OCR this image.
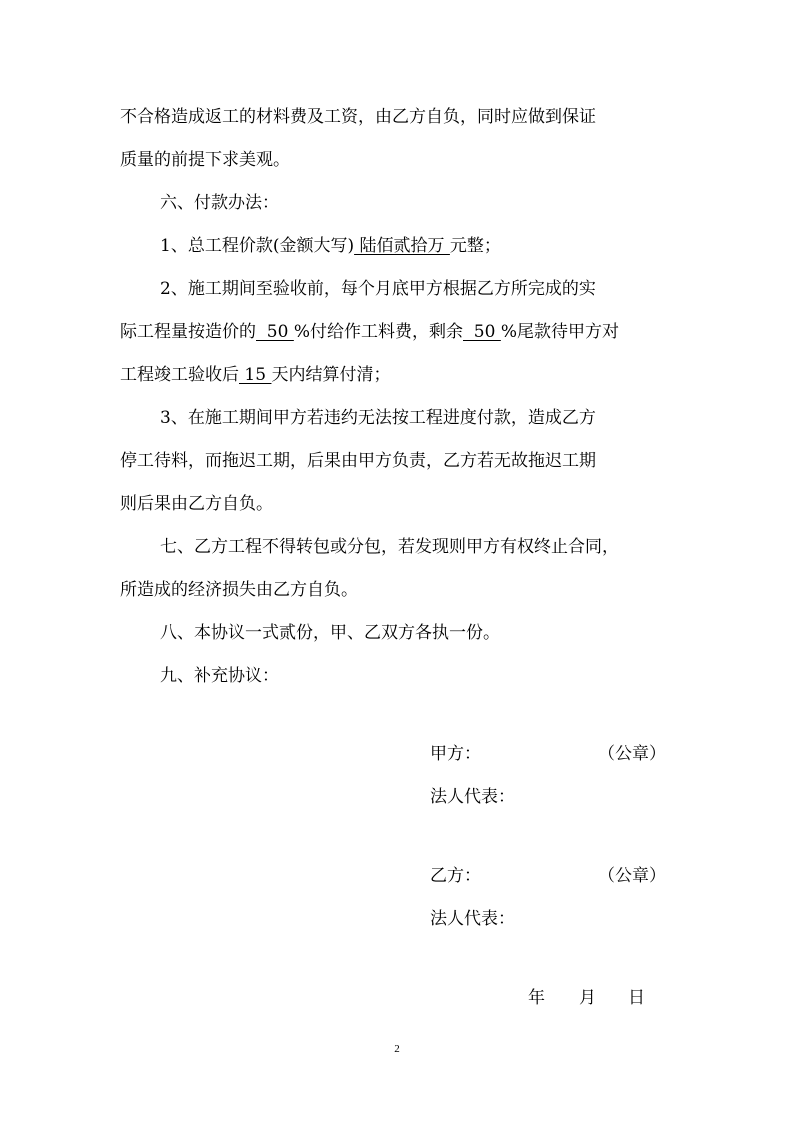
不合格造成返工的材料费及工资，由乙方自负，同时应做到保证
质量的前提下求美观。
六、付款办法：
1、总工程价款(金额大写) 陆佰贰拾万 元整；
2、施工期间至验收前，每个月底甲方根据乙方所完成的实
际工程量按造价的  50 %付给作工料费，剩余  50 %尾款待甲方对
工程竣工验收后 15 天内结算付清；
3、在施工期间甲方若违约无法按工程进度付款，造成乙方
停工待料，而拖迟工期，后果由甲方负责，乙方若无故拖迟工期
则后果由乙方自负。
七、乙方工程不得转包或分包，若发现则甲方有权终止合同，
所造成的经济损失由乙方自负。
八、本协议一式贰份，甲、乙双方各执一份。
九、补充协议：
甲方：	（公章）
法人代表：
乙方：	（公章）
法人代表：
年 月 日
2
